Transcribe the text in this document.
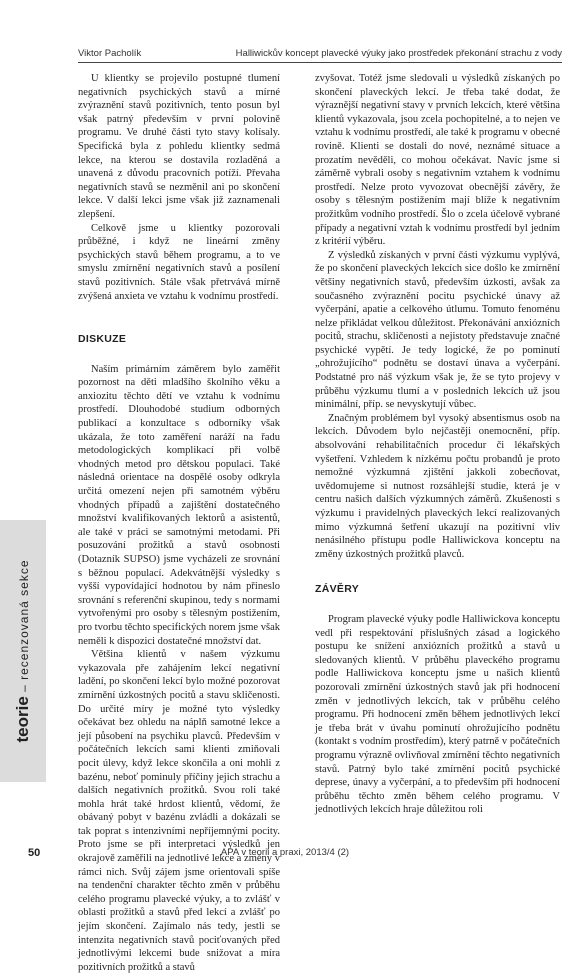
Viktor Pacholík	Halliwickův koncept plavecké výuky jako prostředek překonání strachu z vody
teorie – recenzovaná sekce

U klientky se projevilo postupné tlumení negativních psychických stavů a mírné zvýraznění stavů pozitivních, tento posun byl však patrný především v první polovině programu. Ve druhé části tyto stavy kolísaly. Specifická byla z pohledu klientky sedmá lekce, na kterou se dostavila rozladěná a unavená z důvodu pracovních potíží. Převaha negativních stavů se nezměnil ani po skončení lekce. V další lekci jsme však již zaznamenali zlepšení.

Celkově jsme u klientky pozorovali průběžné, i když ne lineární změny psychických stavů během programu, a to ve smyslu zmírnění negativních stavů a posílení stavů pozitivních. Stále však přetrvává mírně zvýšená anxieta ve vztahu k vodnímu prostředí.

DISKUZE

Naším primárním záměrem bylo zaměřit pozornost na děti mladšího školního věku a anxiozitu těchto dětí ve vztahu k vodnímu prostředí. Dlouhodobé studium odborných publikací a konzultace s odborníky však ukázala, že toto zaměření naráží na řadu metodologických komplikací při volbě vhodných metod pro dětskou populaci. Také následná orientace na dospělé osoby odkryla určitá omezení nejen při samotném výběru vhodných případů a zajištění dostatečného množství kvalifikovaných lektorů a asistentů, ale také v práci se samotnými metodami. Při posuzování prožitků a stavů osobnosti (Dotazník SUPSO) jsme vycházeli ze srovnání s běžnou populací. Adekvátnější výsledky s vyšší vypovídající hodnotou by nám přineslo srovnání s referenční skupinou, tedy s normami vytvořenými pro osoby s tělesným postižením, pro tvorbu těchto specifických norem jsme však neměli k dispozici dostatečné množství dat.

Většina klientů v našem výzkumu vykazovala pře zahájením lekcí negativní ladění, po skončení lekcí bylo možné pozorovat zmírnění úzkostných pocitů a stavu skličenosti. Do určité míry je možné tyto výsledky očekávat bez ohledu na náplň samotné lekce a její působení na psychiku plavců. Především v počátečních lekcích sami klienti zmiňovali pocit úlevy, když lekce skončila a oni mohli z bazénu, neboť pominuly příčiny jejich strachu a dalších negativních prožitků. Svou roli také mohla hrát také hrdost klientů, vědomí, že obávaný pobyt v bazénu zvládli a dokázali se tak poprat s intenzivními nepříjemnými pocity. Proto jsme se při interpretaci výsledků jen okrajově zaměřili na jednotlivé lekce a změny v rámci nich. Svůj zájem jsme orientovali spíše na tendenční charakter těchto změn v průběhu celého programu plavecké výuky, a to zvlášť v oblasti prožitků a stavů před lekcí a zvlášť po jejím skončení. Zajímalo nás tedy, jestli se intenzita negativních stavů pociťovaných před jednotlivými lekcemi bude snižovat a míra pozitivních prožitků a stavů

zvyšovat. Totéž jsme sledovali u výsledků získaných po skončení plaveckých lekcí. Je třeba také dodat, že výraznější negativní stavy v prvních lekcích, které většina klientů vykazovala, jsou zcela pochopitelné, a to nejen ve vztahu k vodnímu prostředí, ale také k programu v obecné rovině. Klienti se dostali do nové, neznámé situace a prozatím nevěděli, co mohou očekávat. Navíc jsme si záměrně vybrali osoby s negativním vztahem k vodnímu prostředí. Nelze proto vyvozovat obecnější závěry, že osoby s tělesným postižením mají blíže k negativním prožitkům vodního prostředí. Šlo o zcela účelově vybrané případy a negativní vztah k vodnímu prostředí byl jedním z kritérií výběru.

Z výsledků získaných v první části výzkumu vyplývá, že po skončení plaveckých lekcích sice došlo ke zmírnění většiny negativních stavů, především úzkosti, avšak za současného zvýraznění pocitu psychické únavy až vyčerpání, apatie a celkového útlumu. Tomuto fenoménu nelze přikládat velkou důležitost. Překonávání anxiózních pocitů, strachu, skličenosti a nejistoty představuje značné psychické vypětí. Je tedy logické, že po pominutí „ohrožujícího“ podnětu se dostaví únava a vyčerpání. Podstatné pro náš výzkum však je, že se tyto projevy v průběhu výzkumu tlumí a v posledních lekcích už jsou minimální, příp. se nevyskytují vůbec.

Značným problémem byl vysoký absentismus osob na lekcích. Důvodem bylo nejčastěji onemocnění, příp. absolvování rehabilitačních procedur či lékařských vyšetření. Vzhledem k nízkému počtu probandů je proto nemožné výzkumná zjištění jakkoli zobecňovat, uvědomujeme si nutnost rozsáhlejší studie, která je v centru našich dalších výzkumných záměrů. Zkušenosti s výzkumu i pravidelných plaveckých lekcí realizovaných mimo výzkumná šetření ukazují na pozitivní vliv nenásilného přístupu podle Halliwickova konceptu na změny úzkostných prožitků plavců.

ZÁVĚRY

Program plavecké výuky podle Halliwickova konceptu vedl při respektování příslušných zásad a logického postupu ke snížení anxiózních prožitků a stavů u sledovaných klientů. V průběhu plaveckého programu podle Halliwickova konceptu jsme u našich klientů pozorovali zmírnění úzkostných stavů jak při hodnocení změn v jednotlivých lekcích, tak v průběhu celého programu. Při hodnocení změn během jednotlivých lekcí je třeba brát v úvahu pominutí ohrožujícího podnětu (kontakt s vodním prostředím), který patrně v počátečních programu výrazně ovlivňoval zmírnění těchto negativních stavů. Patrný bylo také zmírnění pocitů psychické deprese, únavy a vyčerpání, a to především při hodnocení průběhu těchto změn během celého programu. V jednotlivých lekcích hraje důležitou roli

50	APA v teorii a praxi, 2013/4 (2)
